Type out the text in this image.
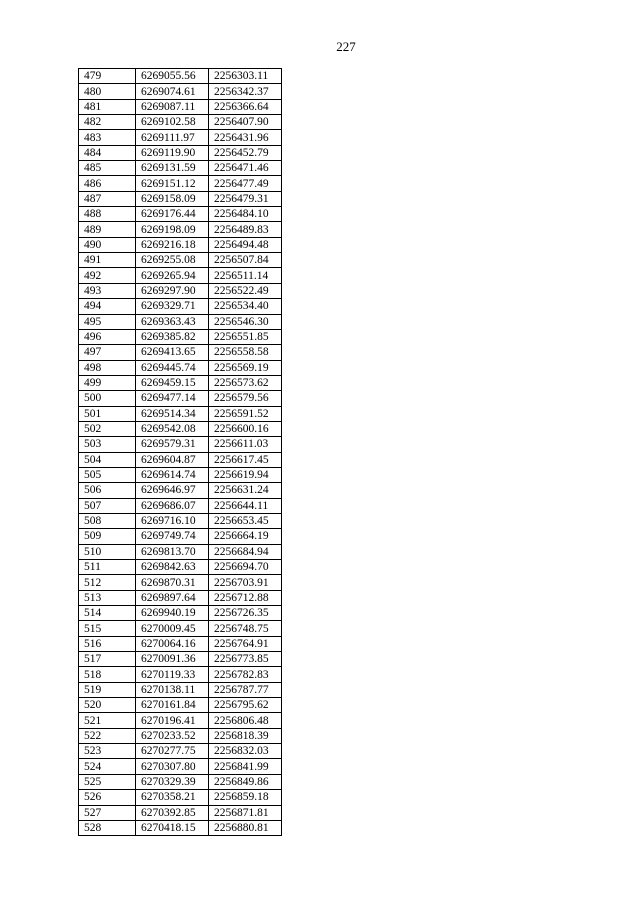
227
479	6269055.56	2256303.11
480	6269074.61	2256342.37
481	6269087.11	2256366.64
482	6269102.58	2256407.90
483	6269111.97	2256431.96
484	6269119.90	2256452.79
485	6269131.59	2256471.46
486	6269151.12	2256477.49
487	6269158.09	2256479.31
488	6269176.44	2256484.10
489	6269198.09	2256489.83
490	6269216.18	2256494.48
491	6269255.08	2256507.84
492	6269265.94	2256511.14
493	6269297.90	2256522.49
494	6269329.71	2256534.40
495	6269363.43	2256546.30
496	6269385.82	2256551.85
497	6269413.65	2256558.58
498	6269445.74	2256569.19
499	6269459.15	2256573.62
500	6269477.14	2256579.56
501	6269514.34	2256591.52
502	6269542.08	2256600.16
503	6269579.31	2256611.03
504	6269604.87	2256617.45
505	6269614.74	2256619.94
506	6269646.97	2256631.24
507	6269686.07	2256644.11
508	6269716.10	2256653.45
509	6269749.74	2256664.19
510	6269813.70	2256684.94
511	6269842.63	2256694.70
512	6269870.31	2256703.91
513	6269897.64	2256712.88
514	6269940.19	2256726.35
515	6270009.45	2256748.75
516	6270064.16	2256764.91
517	6270091.36	2256773.85
518	6270119.33	2256782.83
519	6270138.11	2256787.77
520	6270161.84	2256795.62
521	6270196.41	2256806.48
522	6270233.52	2256818.39
523	6270277.75	2256832.03
524	6270307.80	2256841.99
525	6270329.39	2256849.86
526	6270358.21	2256859.18
527	6270392.85	2256871.81
528	6270418.15	2256880.81
